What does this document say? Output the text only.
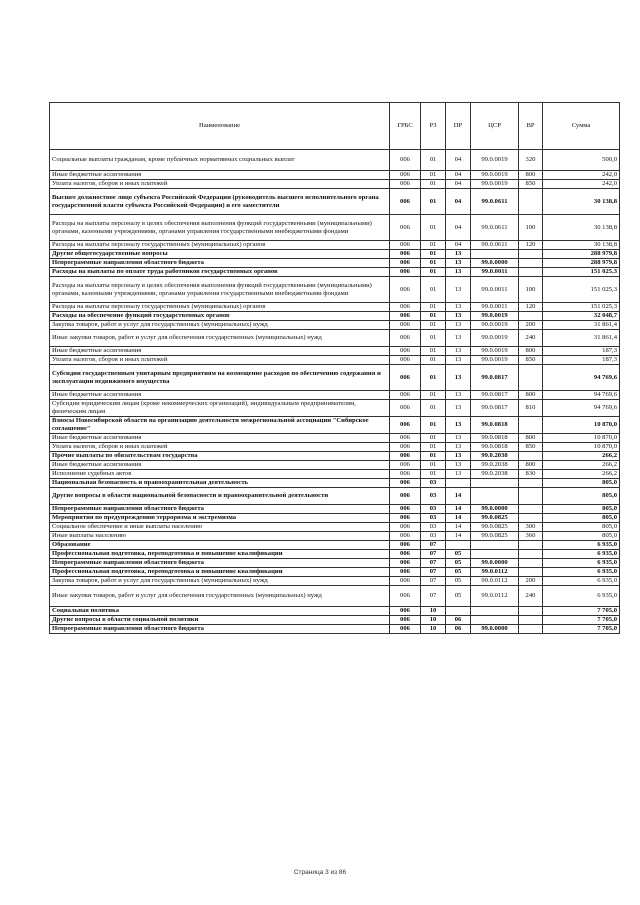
Наименование	ГРБС	РЗ	ПР	ЦСР	ВР	Сумма
Социальные выплаты гражданам, кроме публичных нормативных социальных выплат	006	01	04	99.0.0019	320	500,0
Иные бюджетные ассигнования	006	01	04	99.0.0019	800	242,0
Уплата налогов, сборов и иных платежей	006	01	04	99.0.0019	850	242,0
Высшее должностное лицо субъекта Российской Федерации (руководитель высшего исполнительного органа государственной власти субъекта Российской Федерации) и его заместители	006	01	04	99.0.0611		30 138,8
Расходы на выплаты персоналу в целях обеспечения выполнения функций государственными (муниципальными) органами, казенными учреждениями, органами управления государственными внебюджетными фондами	006	01	04	99.0.0611	100	30 138,8
Расходы на выплаты персоналу государственных (муниципальных) органов	006	01	04	99.0.0611	120	30 138,8
Другие общегосударственные вопросы	006	01	13			288 979,8
Непрограммные направления областного бюджета	006	01	13	99.0.0000		288 979,8
Расходы на выплаты по оплате труда работников государственных органов	006	01	13	99.0.0011		151 025,3
Расходы на выплаты персоналу в целях обеспечения выполнения функций государственными (муниципальными) органами, казенными учреждениями, органами управления государственными внебюджетными фондами	006	01	13	99.0.0011	100	151 025,3
Расходы на выплаты персоналу государственных (муниципальных) органов	006	01	13	99.0.0011	120	151 025,3
Расходы на обеспечение функций государственных органов	006	01	13	99.0.0019		32 048,7
Закупка товаров, работ и услуг для государственных (муниципальных) нужд	006	01	13	99.0.0019	200	31 861,4
Иные закупки товаров, работ и услуг для обеспечения государственных (муниципальных) нужд	006	01	13	99.0.0019	240	31 861,4
Иные бюджетные ассигнования	006	01	13	99.0.0019	800	187,3
Уплата налогов, сборов и иных платежей	006	01	13	99.0.0019	850	187,3
Субсидии государственным унитарным предприятиям на возмещение расходов по обеспечению содержания и эксплуатации недвижимого имущества	006	01	13	99.0.0817		94 769,6
Иные бюджетные ассигнования	006	01	13	99.0.0817	800	94 769,6
Субсидии юридическим лицам (кроме некоммерческих организаций), индивидуальным предпринимателям, физическим лицам	006	01	13	99.0.0817	810	94 769,6
Взносы Новосибирской области на организацию деятельности межрегиональной ассоциации "Сибирское соглашение"	006	01	13	99.0.0818		10 870,0
Иные бюджетные ассигнования	006	01	13	99.0.0818	800	10 870,0
Уплата налогов, сборов и иных платежей	006	01	13	99.0.0818	850	10 870,0
Прочие выплаты по обязательствам государства	006	01	13	99.0.2038		266,2
Иные бюджетные ассигнования	006	01	13	99.0.2038	800	266,2
Исполнение судебных актов	006	01	13	99.0.2038	830	266,2
Национальная безопасность и правоохранительная деятельность	006	03				805,0
Другие вопросы в области национальной безопасности и правоохранительной деятельности	006	03	14			805,0
Непрограммные направления областного бюджета	006	03	14	99.0.0000		805,0
Мероприятия по предупреждению терроризма и экстремизма	006	03	14	99.0.0825		805,0
Социальное обеспечение и иные выплаты населению	006	03	14	99.0.0825	300	805,0
Иные выплаты населению	006	03	14	99.0.0825	360	805,0
Образование	006	07				6 935,0
Профессиональная подготовка, переподготовка и повышение квалификации	006	07	05			6 935,0
Непрограммные направления областного бюджета	006	07	05	99.0.0000		6 935,0
Профессиональная подготовка, переподготовка и повышение квалификации	006	07	05	99.0.0112		6 935,0
Закупка товаров, работ и услуг для государственных (муниципальных) нужд	006	07	05	99.0.0112	200	6 935,0
Иные закупки товаров, работ и услуг для обеспечения государственных (муниципальных) нужд	006	07	05	99.0.0112	240	6 935,0
Социальная политика	006	10				7 705,0
Другие вопросы в области социальной политики	006	10	06			7 705,0
Непрограммные направления областного бюджета	006	10	06	99.0.0000		7 705,0
Страница 3 из 86
